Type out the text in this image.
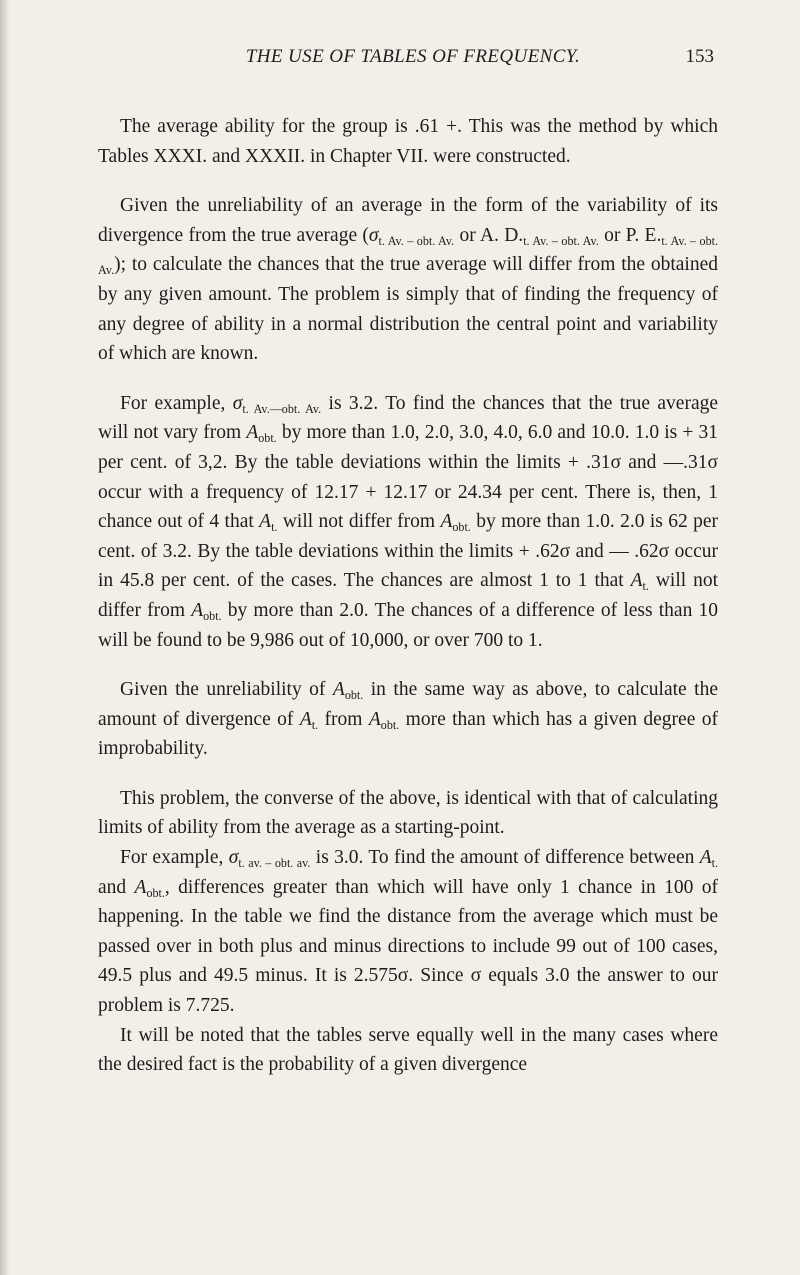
THE USE OF TABLES OF FREQUENCY.	153

The average ability for the group is .61 +. This was the method by which Tables XXXI. and XXXII. in Chapter VII. were constructed.

Given the unreliability of an average in the form of the variability of its divergence from the true average ($\sigma_{t. Av. - obt. Av.}$ or A. $D._{t. Av. - obt. Av.}$ or P. $E._{t. Av. - obt. Av.}$); to calculate the chances that the true average will differ from the obtained by any given amount. The problem is simply that of finding the frequency of any degree of ability in a normal distribution the central point and variability of which are known.

For example, $\sigma_{t. Av.—obt. Av.}$ is 3.2. To find the chances that the true average will not vary from $A_{obt.}$ by more than 1.0, 2.0, 3.0, 4.0, 6.0 and 10.0. 1.0 is + 31 per cent. of 3,2. By the table deviations within the limits + .31σ and —.31σ occur with a frequency of 12.17 + 12.17 or 24.34 per cent. There is, then, 1 chance out of 4 that $A_{t.}$ will not differ from $A_{obt.}$ by more than 1.0. 2.0 is 62 per cent. of 3.2. By the table deviations within the limits + .62σ and — .62σ occur in 45.8 per cent. of the cases. The chances are almost 1 to 1 that $A_{t.}$ will not differ from $A_{obt.}$ by more than 2.0. The chances of a difference of less than 10 will be found to be 9,986 out of 10,000, or over 700 to 1.

Given the unreliability of $A_{obt.}$ in the same way as above, to calculate the amount of divergence of $A_{t.}$ from $A_{obt.}$ more than which has a given degree of improbability.

This problem, the converse of the above, is identical with that of calculating limits of ability from the average as a starting-point.

For example, $\sigma_{t. av. - obt. av.}$ is 3.0. To find the amount of difference between $A_{t.}$ and $A_{obt.}$, differences greater than which will have only 1 chance in 100 of happening. In the table we find the distance from the average which must be passed over in both plus and minus directions to include 99 out of 100 cases, 49.5 plus and 49.5 minus. It is 2.575σ. Since σ equals 3.0 the answer to our problem is 7.725.

It will be noted that the tables serve equally well in the many cases where the desired fact is the probability of a given divergence
